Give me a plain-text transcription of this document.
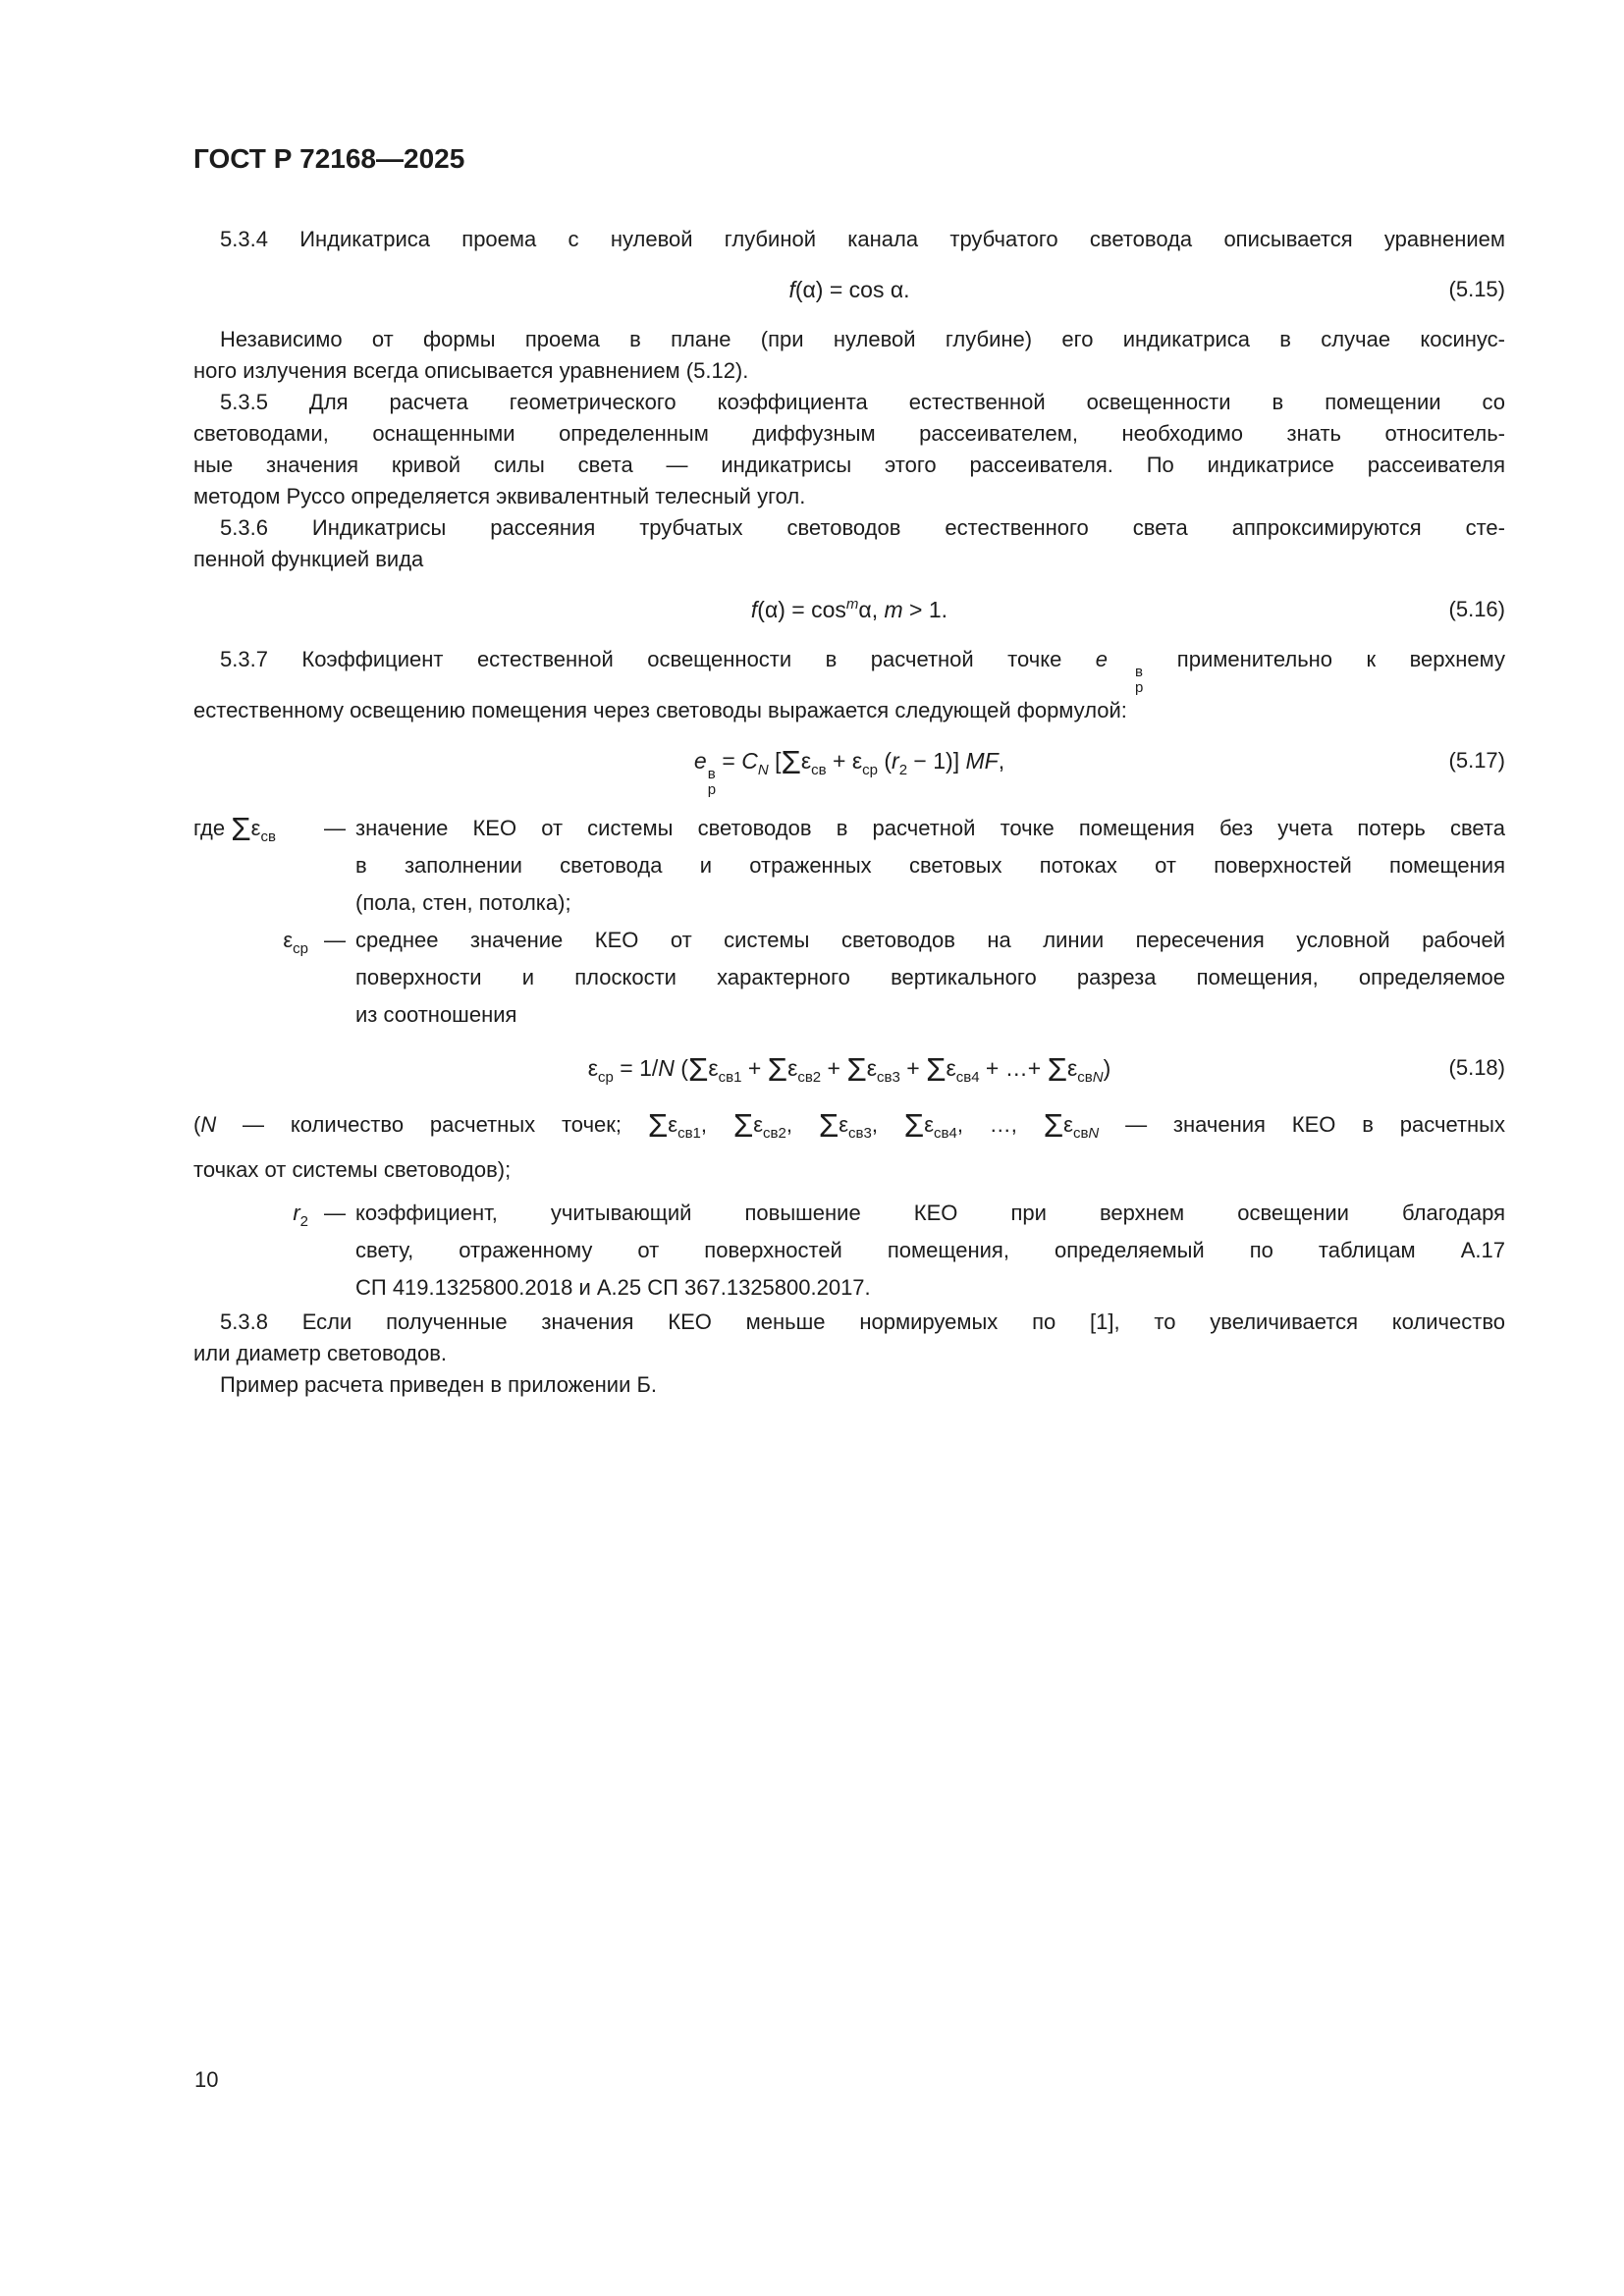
ГОСТ Р 72168—2025
5.3.4 Индикатриса проема с нулевой глубиной канала трубчатого световода описывается уравнением
f(α) = cos α.	(5.15)
Независимо от формы проема в плане (при нулевой глубине) его индикатриса в случае косинус-
ного излучения всегда описывается уравнением (5.12).
5.3.5 Для расчета геометрического коэффициента естественной освещенности в помещении со
световодами, оснащенными определенным диффузным рассеивателем, необходимо знать относитель-
ные значения кривой силы света — индикатрисы этого рассеивателя. По индикатрисе рассеивателя
методом Руссо определяется эквивалентный телесный угол.
5.3.6 Индикатрисы рассеяния трубчатых световодов естественного света аппроксимируются сте-
пенной функцией вида
$f(\alpha) = \cos^m\alpha$, m > 1.	(5.16)
5.3.7 Коэффициент естественной освещенности в расчетной точке e
в
р
применительно к верхнему
естественному освещению помещения через световоды выражается следующей формулой:
e
в
р
= $C_N$ [$\Sigma\varepsilon_{св} + \varepsilon_{ср}$ $(r_2 - 1)$] MF,	(5.17)
где $\Sigma\varepsilon_{св}$ — значение КЕО от системы световодов в расчетной точке помещения без учета потерь света
в заполнении световода и отраженных световых потоках от поверхностей помещения
(пола, стен, потолка);
$\varepsilon_{ср}$ — среднее значение КЕО от системы световодов на линии пересечения условной рабочей
поверхности и плоскости характерного вертикального разреза помещения, определяемое
из соотношения
$\varepsilon_{ср} = 1/N$ ($\Sigma\varepsilon_{св1} + \Sigma\varepsilon_{св2} + \Sigma\varepsilon_{св3} + \Sigma\varepsilon_{св4}$ + …+ $\Sigma\varepsilon_{свN}$)	(5.18)
(N — количество расчетных точек; $\Sigma\varepsilon_{св1}$, $\Sigma\varepsilon_{св2}$, $\Sigma\varepsilon_{св3}$, $\Sigma\varepsilon_{св4}$, …, $\Sigma\varepsilon_{свN}$ — значения КЕО в расчетных
точках от системы световодов);
$r_2$ — коэффициент, учитывающий повышение КЕО при верхнем освещении благодаря
свету, отраженному от поверхностей помещения, определяемый по таблицам А.17
СП 419.1325800.2018 и А.25 СП 367.1325800.2017.
5.3.8 Если полученные значения КЕО меньше нормируемых по [1], то увеличивается количество
или диаметр световодов.
Пример расчета приведен в приложении Б.
10
